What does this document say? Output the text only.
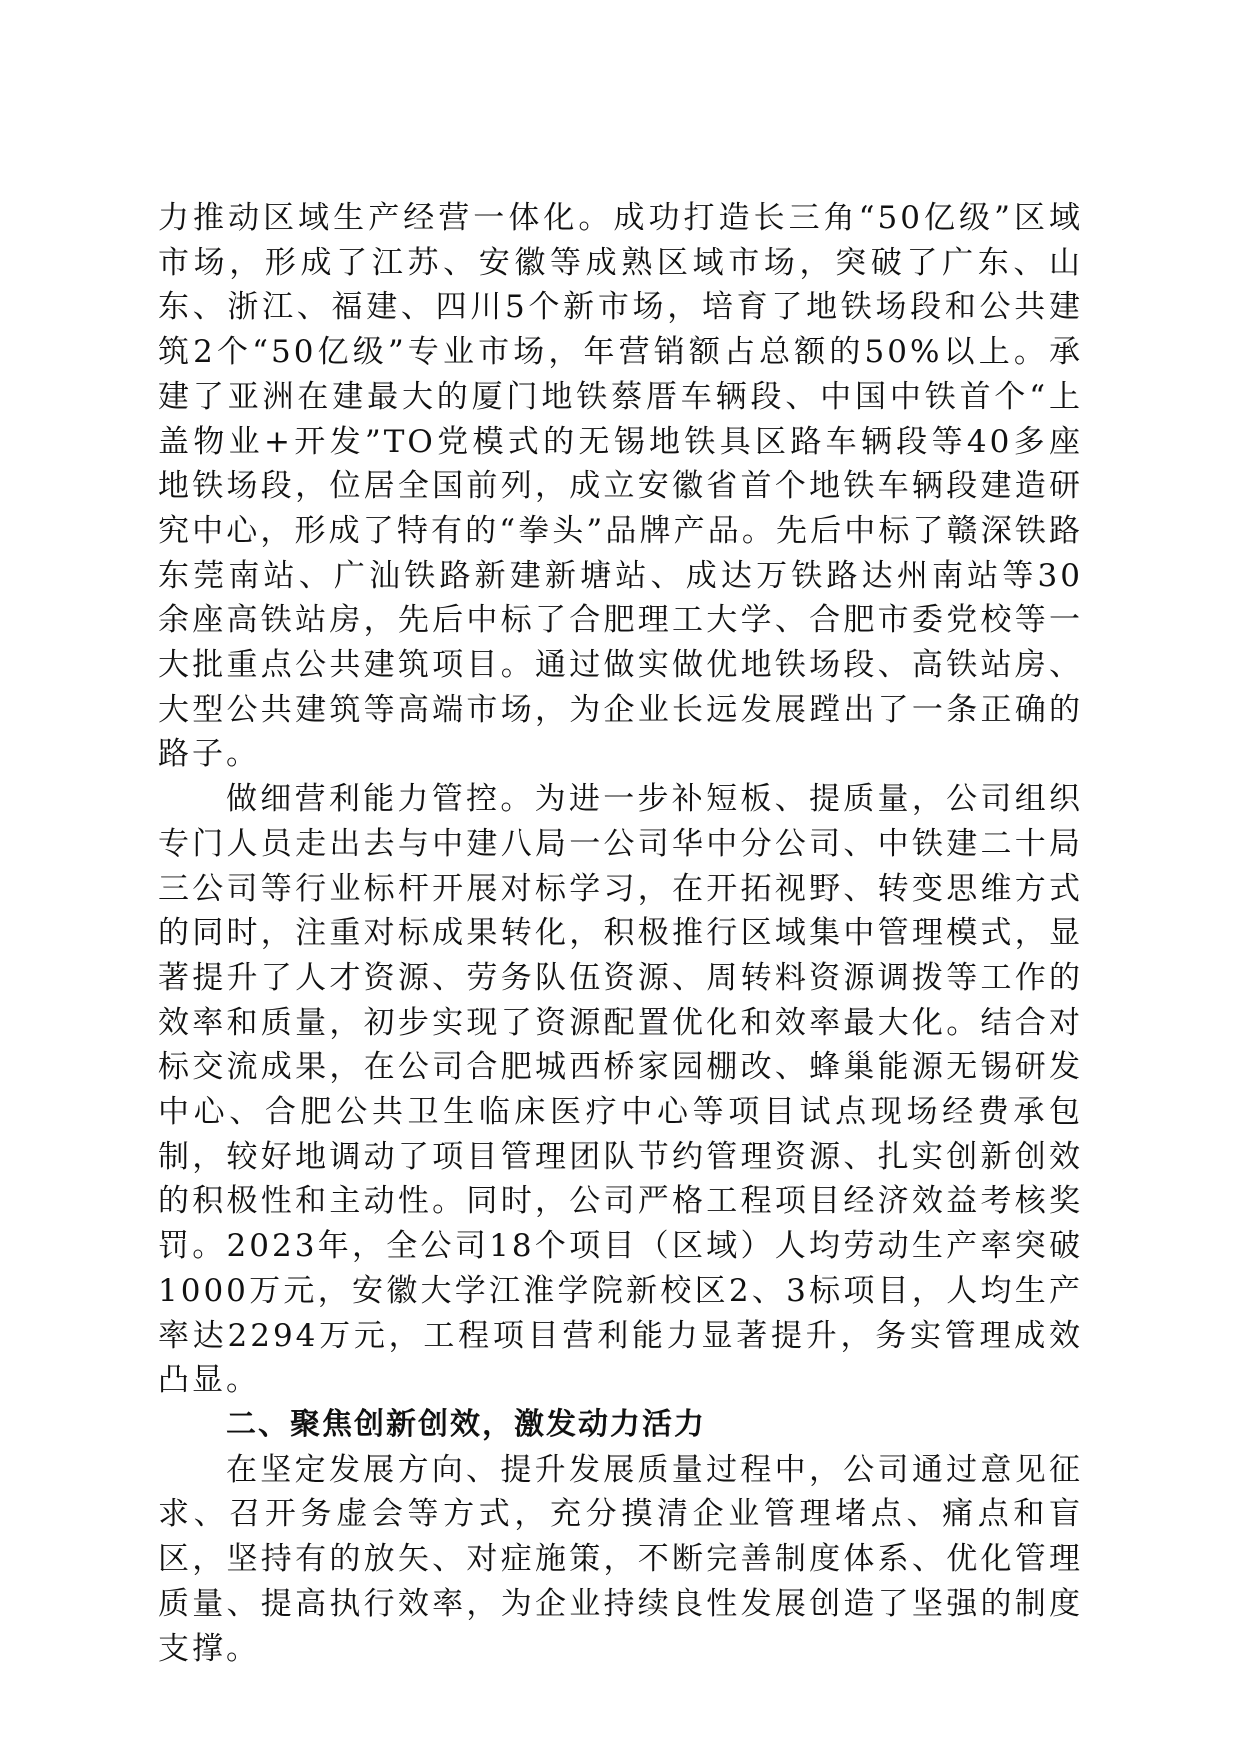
力推动区域生产经营一体化。成功打造长三角“50亿级”区域市场，形成了江苏、安徽等成熟区域市场，突破了广东、山东、浙江、福建、四川5个新市场，培育了地铁场段和公共建筑2个“50亿级”专业市场，年营销额占总额的50%以上。承建了亚洲在建最大的厦门地铁蔡厝车辆段、中国中铁首个“上盖物业+开发”TO党模式的无锡地铁具区路车辆段等40多座地铁场段，位居全国前列，成立安徽省首个地铁车辆段建造研究中心，形成了特有的“拳头”品牌产品。先后中标了赣深铁路东莞南站、广汕铁路新建新塘站、成达万铁路达州南站等30余座高铁站房，先后中标了合肥理工大学、合肥市委党校等一大批重点公共建筑项目。通过做实做优地铁场段、高铁站房、大型公共建筑等高端市场，为企业长远发展蹚出了一条正确的路子。

做细营利能力管控。为进一步补短板、提质量，公司组织专门人员走出去与中建八局一公司华中分公司、中铁建二十局三公司等行业标杆开展对标学习，在开拓视野、转变思维方式的同时，注重对标成果转化，积极推行区域集中管理模式，显著提升了人才资源、劳务队伍资源、周转料资源调拨等工作的效率和质量，初步实现了资源配置优化和效率最大化。结合对标交流成果，在公司合肥城西桥家园棚改、蜂巢能源无锡研发中心、合肥公共卫生临床医疗中心等项目试点现场经费承包制，较好地调动了项目管理团队节约管理资源、扎实创新创效的积极性和主动性。同时，公司严格工程项目经济效益考核奖罚。2023年，全公司18个项目（区域）人均劳动生产率突破1000万元，安徽大学江淮学院新校区2、3标项目，人均生产率达2294万元，工程项目营利能力显著提升，务实管理成效凸显。

二、聚焦创新创效，激发动力活力

在坚定发展方向、提升发展质量过程中，公司通过意见征求、召开务虚会等方式，充分摸清企业管理堵点、痛点和盲区，坚持有的放矢、对症施策，不断完善制度体系、优化管理质量、提高执行效率，为企业持续良性发展创造了坚强的制度支撑。
